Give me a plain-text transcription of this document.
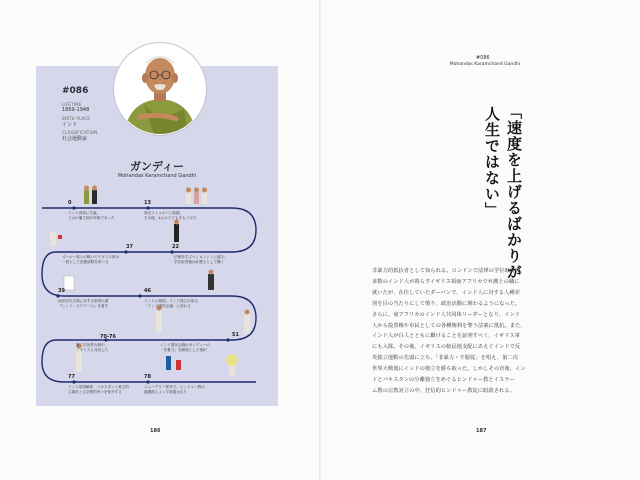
#086
LIFETIME
1869-1948
BIRTH PLACE
インド
CLASSIFICATION
社会運動家
ガンディー
Mohandas Karamchand Gandhi
0
インド西部に生誕。
父は小藩王国の宰相であった
13
貴光ストゥルバと結婚。
その後、4人の子どもをもうけた
37
ズールー族との戦いでイギリス軍の
一員として医療部隊を率いる
22
法律を学ぶべくロンドンに渡る。
学位取得後は弁護士として働く
39
西洋近代文明に対する批判の書
『ヒンド・スワラージ』を著す
46
インドに帰国。インド独立の前元
「インド国民会議」に加わる
70-76
第二次世界大戦中、
イギリスと対決した
51
インド国民会議がガンディーの
「非暴力」を網領として採択
77
インド帝国解体、パキスタンと独立的
立場をとる宗教的争いを仲介する
78
ニューデリー郊外で、ヒンドゥー教の
過激派によって暗殺された
186
#086
Mohandas Karamchand Gandhi
「速度を上げるばかりが
人生ではない」
非暴力的抵抗者として知られる。ロンドンで法律の学位取得後、
多数のインド人が暮らすイギリス領南アフリカで弁護士の職に
就いたが、在住していたダーバンで、インド人に対する人種差
別を目の当たりにして憤り、政治活動に関わるようになった。
さらに、南アフリカのインド人共同体リーダーとなり、インド
人から投票権や市民としての各種権利を奪う法案に抵抗。また、
インド人が白人とともに働けることを証明すべく、イギリス軍
にも入隊。その後、イギリスの植民地支配にあえぐインドで反
英独立運動の先頭に立ち、「非暴力・不服従」を唱え、第二次
世界大戦後にインドの独立を勝ち取った。しかしその直後、イン
ドとパキスタンの分離独立をめぐるヒンドゥー教とイスラー
ム教の宗教対立の中、狂信的ヒンドゥー教徒に暗殺される。
187
